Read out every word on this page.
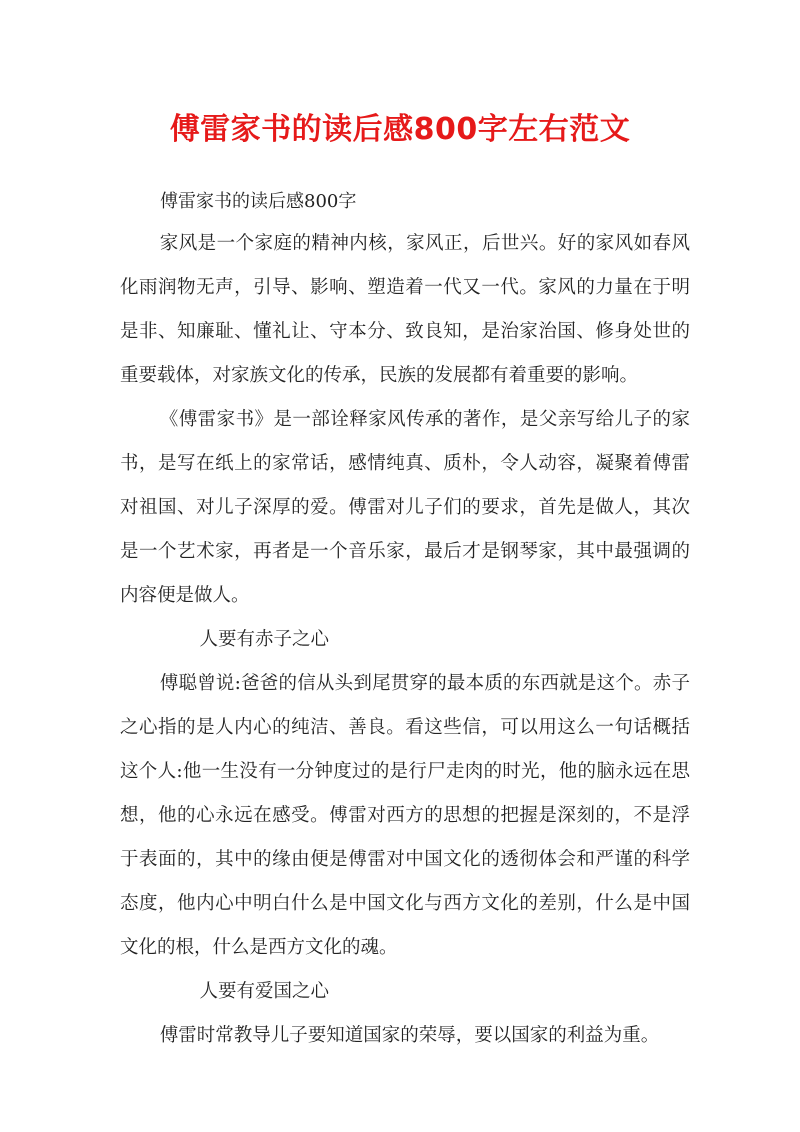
傅雷家书的读后感800字左右范文

傅雷家书的读后感800字

家风是一个家庭的精神内核，家风正，后世兴。好的家风如春风化雨润物无声，引导、影响、塑造着一代又一代。家风的力量在于明是非、知廉耻、懂礼让、守本分、致良知，是治家治国、修身处世的重要载体，对家族文化的传承，民族的发展都有着重要的影响。

《傅雷家书》是一部诠释家风传承的著作，是父亲写给儿子的家书，是写在纸上的家常话，感情纯真、质朴，令人动容，凝聚着傅雷对祖国、对儿子深厚的爱。傅雷对儿子们的要求，首先是做人，其次是一个艺术家，再者是一个音乐家，最后才是钢琴家，其中最强调的内容便是做人。

人要有赤子之心

傅聪曾说:爸爸的信从头到尾贯穿的最本质的东西就是这个。赤子之心指的是人内心的纯洁、善良。看这些信，可以用这么一句话概括这个人:他一生没有一分钟度过的是行尸走肉的时光，他的脑永远在思想，他的心永远在感受。傅雷对西方的思想的把握是深刻的，不是浮于表面的，其中的缘由便是傅雷对中国文化的透彻体会和严谨的科学态度，他内心中明白什么是中国文化与西方文化的差别，什么是中国文化的根，什么是西方文化的魂。

人要有爱国之心

傅雷时常教导儿子要知道国家的荣辱，要以国家的利益为重。
